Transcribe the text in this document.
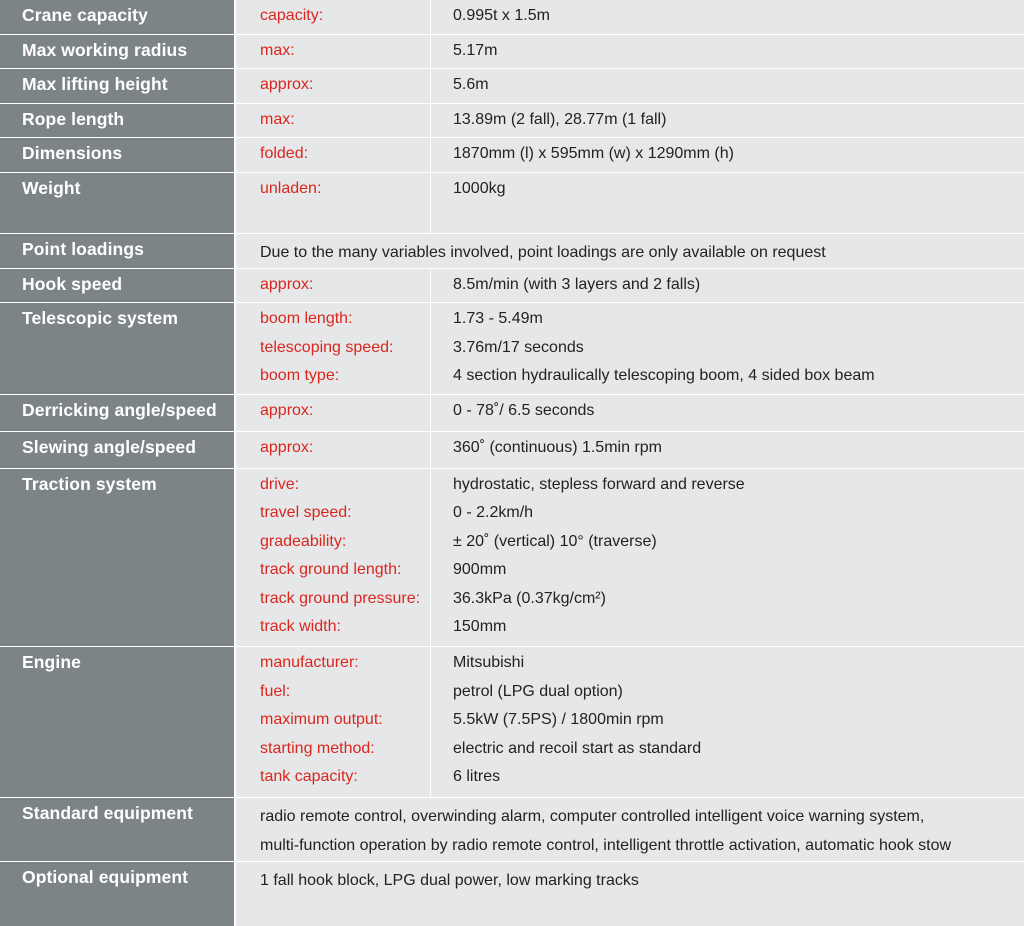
Crane capacity	capacity:	0.995t x 1.5m
Max working radius	max:	5.17m
Max lifting height	approx:	5.6m
Rope length	max:	13.89m (2 fall), 28.77m (1 fall)
Dimensions	folded:	1870mm (l) x 595mm (w) x 1290mm (h)
Weight	unladen:	1000kg
Point loadings	Due to the many variables involved, point loadings are only available on request
Hook speed	approx:	8.5m/min (with 3 layers and 2 falls)
Telescopic system	boom length:	1.73 - 5.49m
telescoping speed:	3.76m/17 seconds
boom type:	4 section hydraulically telescoping boom, 4 sided box beam
Derricking angle/speed	approx:	0 - 78˚/ 6.5 seconds
Slewing angle/speed	approx:	360˚ (continuous) 1.5min rpm
Traction system	drive:	hydrostatic, stepless forward and reverse
travel speed:	0 - 2.2km/h
gradeability:	± 20˚ (vertical) 10° (traverse)
track ground length:	900mm
track ground pressure:	36.3kPa (0.37kg/cm²)
track width:	150mm
Engine	manufacturer:	Mitsubishi
fuel:	petrol (LPG dual option)
maximum output:	5.5kW (7.5PS) / 1800min rpm
starting method:	electric and recoil start as standard
tank capacity:	6 litres
Standard equipment	radio remote control, overwinding alarm, computer controlled intelligent voice warning system,
multi-function operation by radio remote control, intelligent throttle activation, automatic hook stow
Optional equipment	1 fall hook block, LPG dual power, low marking tracks
